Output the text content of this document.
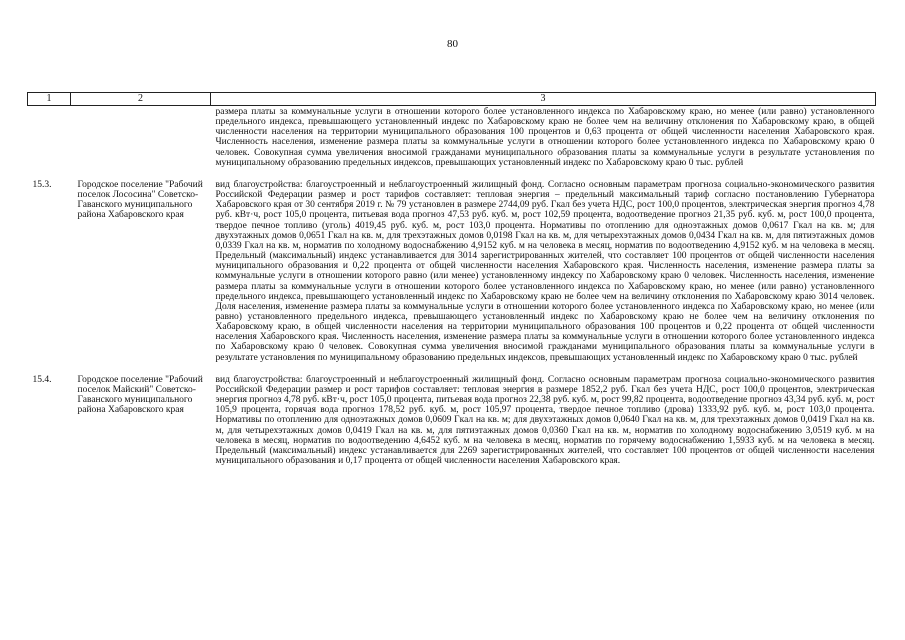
80
1	2	3
		размера платы за коммунальные услуги в отношении которого более установленного индекса по Хабаровскому краю, но менее (или равно) установленного предельного индекса, превышающего установленный индекс по Хабаровскому краю не более чем на величину отклонения по Хабаровскому краю, в общей численности населения на территории муниципального образования 100 процентов и 0,63 процента от общей численности населения Хабаровского края. Численность населения, изменение размера платы за коммунальные услуги в отношении которого более установленного индекса по Хабаровскому краю 0 человек. Совокупная сумма увеличения вносимой гражданами муниципального образования платы за коммунальные услуги в результате установления по муниципальному образованию предельных индексов, превышающих установленный индекс по Хабаровскому краю 0 тыс. рублей

15.3.	Городское поселение "Рабочий поселок Лососина" Советско-Гаванского муниципального района Хабаровского края	вид благоустройства: благоустроенный и неблагоустроенный жилищный фонд. Согласно основным параметрам прогноза социально-экономического развития Российской Федерации размер и рост тарифов составляет: тепловая энергия – предельный максимальный тариф согласно постановлению Губернатора Хабаровского края от 30 сентября 2019 г. № 79 установлен в размере 2744,09 руб. Гкал без учета НДС, рост 100,0 процентов, электрическая энергия прогноз 4,78 руб. кВт·ч, рост 105,0 процента, питьевая вода прогноз 47,53 руб. куб. м, рост 102,59 процента, водоотведение прогноз 21,35 руб. куб. м, рост 100,0 процента, твердое печное топливо (уголь) 4019,45 руб. куб. м, рост 103,0 процента. Нормативы по отоплению для одноэтажных домов 0,0617 Гкал на кв. м; для двухэтажных домов 0,0651 Гкал на кв. м, для трехэтажных домов 0,0198 Гкал на кв. м, для четырехэтажных домов 0,0434 Гкал на кв. м, для пятиэтажных домов 0,0339 Гкал на кв. м, норматив по холодному водоснабжению 4,9152 куб. м на человека в месяц, норматив по водоотведению 4,9152 куб. м на человека в месяц. Предельный (максимальный) индекс устанавливается для 3014 зарегистрированных жителей, что составляет 100 процентов от общей численности населения муниципального образования и 0,22 процента от общей численности населения Хабаровского края. Численность населения, изменение размера платы за коммунальные услуги в отношении которого равно (или менее) установленному индексу по Хабаровскому краю 0 человек. Численность населения, изменение размера платы за коммунальные услуги в отношении которого более установленного индекса по Хабаровскому краю, но менее (или равно) установленного предельного индекса, превышающего установленный индекс по Хабаровскому краю не более чем на величину отклонения по Хабаровскому краю 3014 человек. Доля населения, изменение размера платы за коммунальные услуги в отношении которого более установленного индекса по Хабаровскому краю, но менее (или равно) установленного предельного индекса, превышающего установленный индекс по Хабаровскому краю не более чем на величину отклонения по Хабаровскому краю, в общей численности населения на территории муниципального образования 100 процентов и 0,22 процента от общей численности населения Хабаровского края. Численность населения, изменение размера платы за коммунальные услуги в отношении которого более установленного индекса по Хабаровскому краю 0 человек. Совокупная сумма увеличения вносимой гражданами муниципального образования платы за коммунальные услуги в результате установления по муниципальному образованию предельных индексов, превышающих установленный индекс по Хабаровскому краю 0 тыс. рублей

15.4.	Городское поселение "Рабочий поселок Майский" Советско-Гаванского муниципального района Хабаровского края	вид благоустройства: благоустроенный и неблагоустроенный жилищный фонд. Согласно основным параметрам прогноза социально-экономического развития Российской Федерации размер и рост тарифов составляет: тепловая энергия в размере 1852,2 руб. Гкал без учета НДС, рост 100,0 процентов, электрическая энергия прогноз 4,78 руб. кВт·ч, рост 105,0 процента, питьевая вода прогноз 22,38 руб. куб. м, рост 99,82 процента, водоотведение прогноз 43,34 руб. куб. м, рост 105,9 процента, горячая вода прогноз 178,52 руб. куб. м, рост 105,97 процента, твердое печное топливо (дрова) 1333,92 руб. куб. м, рост 103,0 процента. Нормативы по отоплению для одноэтажных домов 0,0609 Гкал на кв. м; для двухэтажных домов 0,0640 Гкал на кв. м, для трехэтажных домов 0,0419 Гкал на кв. м, для четырехэтажных домов 0,0419 Гкал на кв. м, для пятиэтажных домов 0,0360 Гкал на кв. м, норматив по холодному водоснабжению 3,0519 куб. м на человека в месяц, норматив по водоотведению 4,6452 куб. м на человека в месяц, норматив по горячему водоснабжению 1,5933 куб. м на человека в месяц. Предельный (максимальный) индекс устанавливается для 2269 зарегистрированных жителей, что составляет 100 процентов от общей численности населения муниципального образования и 0,17 процента от общей численности населения Хабаровского края.
